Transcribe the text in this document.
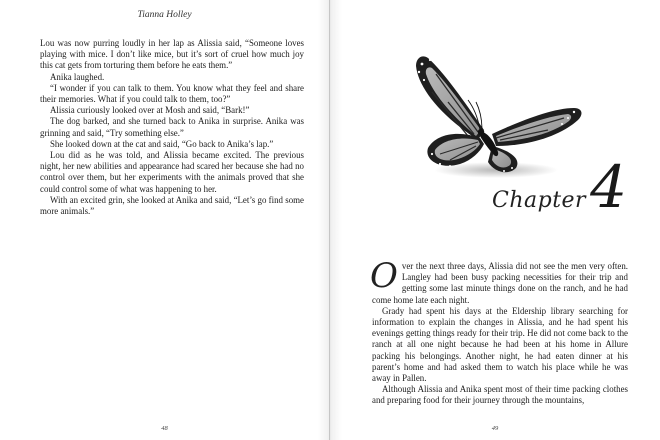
Tianna Holley

Lou was now purring loudly in her lap as Alissia said, “Someone loves playing with mice. I don’t like mice, but it’s sort of cruel how much joy this cat gets from torturing them before he eats them.”

Anika laughed.

“I wonder if you can talk to them. You know what they feel and share their memories. What if you could talk to them, too?”

Alissia curiously looked over at Mosh and said, “Bark!”

The dog barked, and she turned back to Anika in surprise. Anika was grinning and said, “Try something else.”

She looked down at the cat and said, “Go back to Anika’s lap.”

Lou did as he was told, and Alissia became excited. The previous night, her new abilities and appearance had scared her because she had no control over them, but her experiments with the animals proved that she could control some of what was happening to her.

With an excited grin, she looked at Anika and said, “Let’s go find some more animals.”

48
Chapter4

Over the next three days, Alissia did not see the men very often. Langley had been busy packing necessities for their trip and getting some last minute things done on the ranch, and he had come home late each night.

Grady had spent his days at the Eldership library searching for information to explain the changes in Alissia, and he had spent his evenings getting things ready for their trip. He did not come back to the ranch at all one night because he had been at his home in Allure packing his belongings. Another night, he had eaten dinner at his parent’s home and had asked them to watch his place while he was away in Pallen.

Although Alissia and Anika spent most of their time packing clothes and preparing food for their journey through the mountains,

49
